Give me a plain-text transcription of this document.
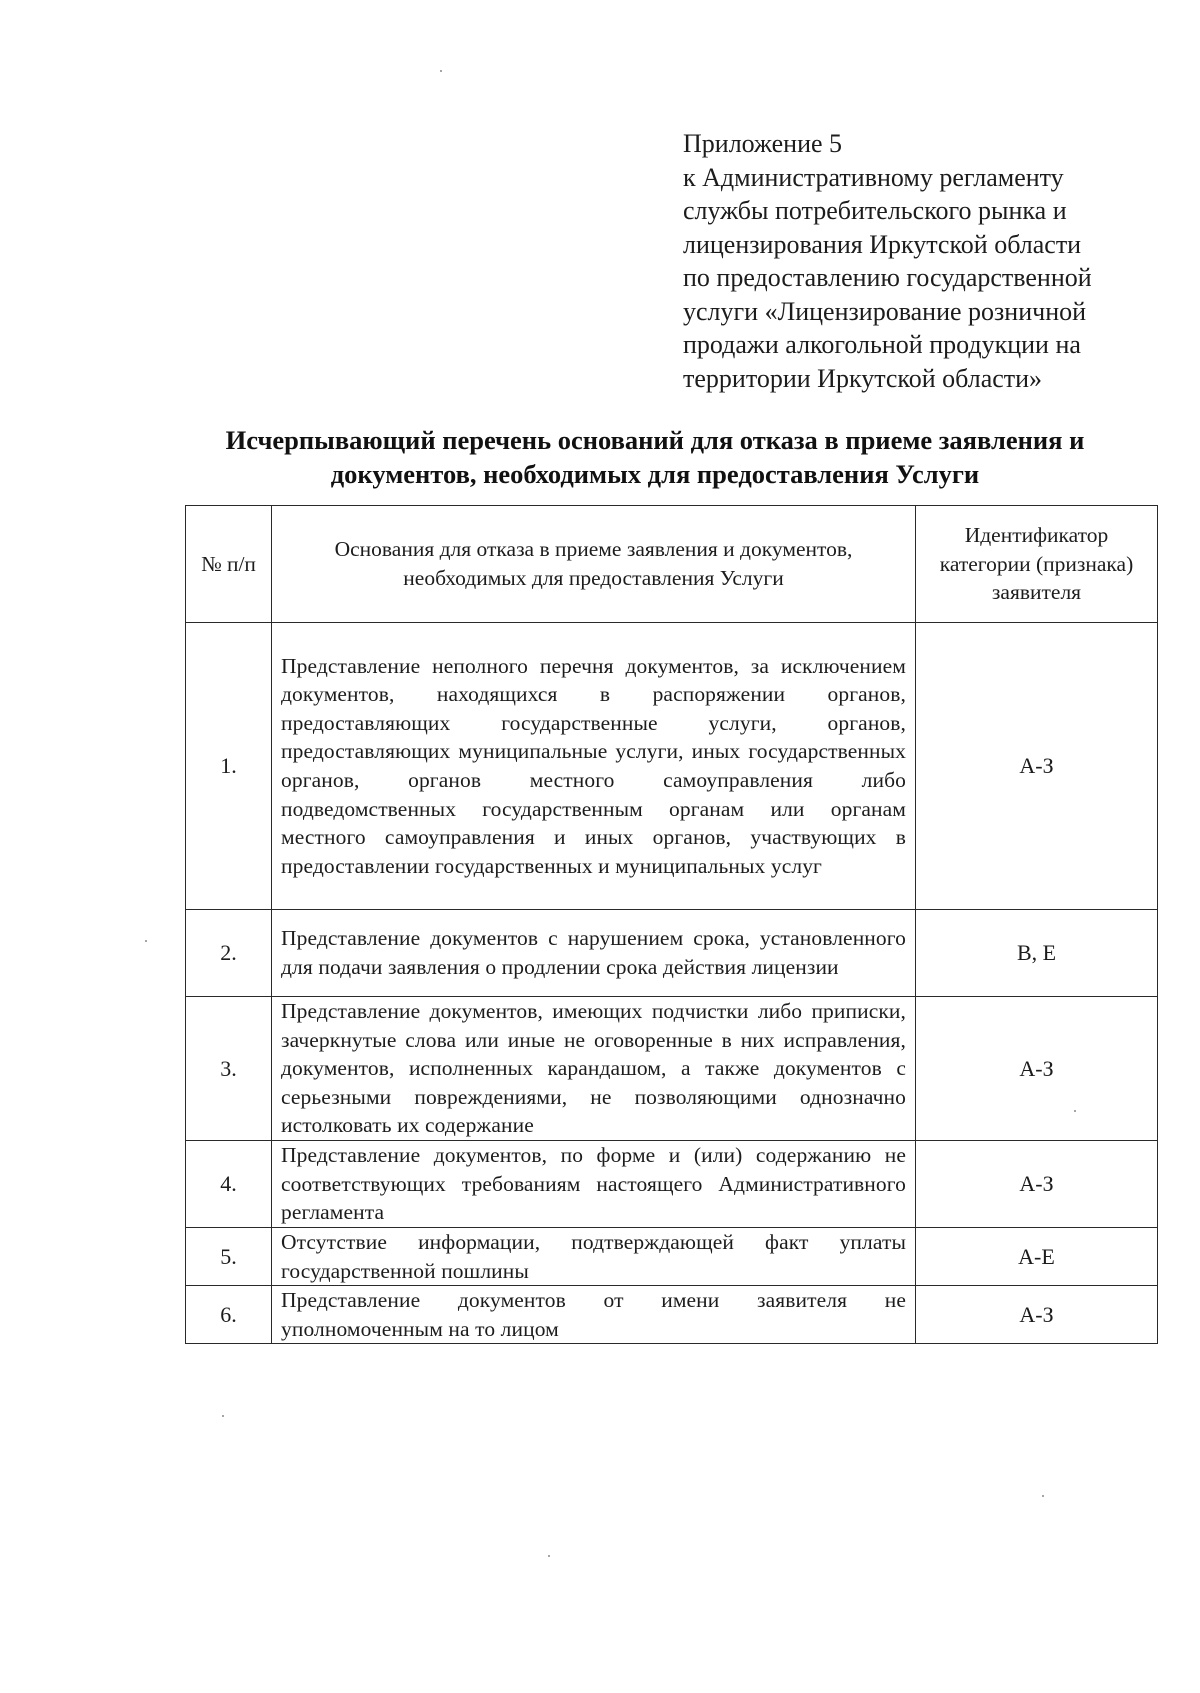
Приложение 5
к Административному регламенту
службы потребительского рынка и
лицензирования Иркутской области
по предоставлению государственной
услуги «Лицензирование розничной
продажи алкогольной продукции на
территории Иркутской области»
Исчерпывающий перечень оснований для отказа в приеме заявления и
документов, необходимых для предоставления Услуги
№ п/п	Основания для отказа в приеме заявления и документов, необходимых для предоставления Услуги	Идентификатор категории (признака) заявителя
1.	Представление неполного перечня документов, за исключением документов, находящихся в распоряжении органов, предоставляющих государственные услуги, органов, предоставляющих муниципальные услуги, иных государственных органов, органов местного самоуправления либо подведомственных государственным органам или органам местного самоуправления и иных органов, участвующих в предоставлении государственных и муниципальных услуг	А-З
2.	Представление документов с нарушением срока, установленного для подачи заявления о продлении срока действия лицензии	В, Е
3.	Представление документов, имеющих подчистки либо приписки, зачеркнутые слова или иные не оговоренные в них исправления, документов, исполненных карандашом, а также документов с серьезными повреждениями, не позволяющими однозначно истолковать их содержание	А-З
4.	Представление документов, по форме и (или) содержанию не соответствующих требованиям настоящего Административного регламента	А-З
5.	Отсутствие информации, подтверждающей факт уплаты государственной пошлины	А-Е
6.	Представление документов от имени заявителя не уполномоченным на то лицом	А-З
